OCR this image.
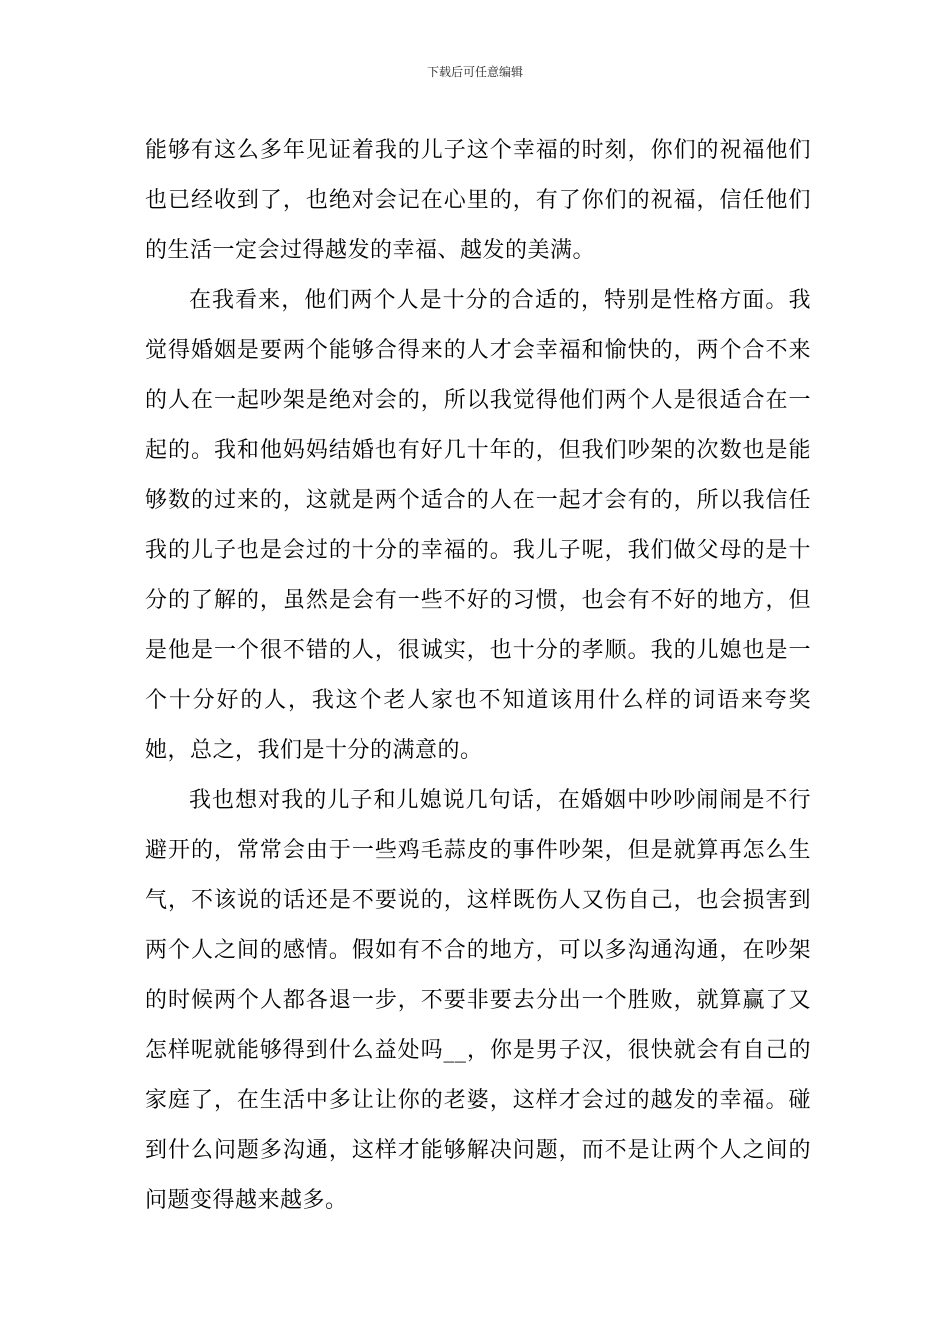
下载后可任意编辑

能够有这么多年见证着我的儿子这个幸福的时刻，你们的祝福他们也已经收到了，也绝对会记在心里的，有了你们的祝福，信任他们的生活一定会过得越发的幸福、越发的美满。

在我看来，他们两个人是十分的合适的，特别是性格方面。我觉得婚姻是要两个能够合得来的人才会幸福和愉快的，两个合不来的人在一起吵架是绝对会的，所以我觉得他们两个人是很适合在一起的。我和他妈妈结婚也有好几十年的，但我们吵架的次数也是能够数的过来的，这就是两个适合的人在一起才会有的，所以我信任我的儿子也是会过的十分的幸福的。我儿子呢，我们做父母的是十分的了解的，虽然是会有一些不好的习惯，也会有不好的地方，但是他是一个很不错的人，很诚实，也十分的孝顺。我的儿媳也是一个十分好的人，我这个老人家也不知道该用什么样的词语来夸奖她，总之，我们是十分的满意的。

我也想对我的儿子和儿媳说几句话，在婚姻中吵吵闹闹是不行避开的，常常会由于一些鸡毛蒜皮的事件吵架，但是就算再怎么生气，不该说的话还是不要说的，这样既伤人又伤自己，也会损害到两个人之间的感情。假如有不合的地方，可以多沟通沟通，在吵架的时候两个人都各退一步，不要非要去分出一个胜败，就算赢了又怎样呢就能够得到什么益处吗__，你是男子汉，很快就会有自己的家庭了，在生活中多让让你的老婆，这样才会过的越发的幸福。碰到什么问题多沟通，这样才能够解决问题，而不是让两个人之间的问题变得越来越多。
